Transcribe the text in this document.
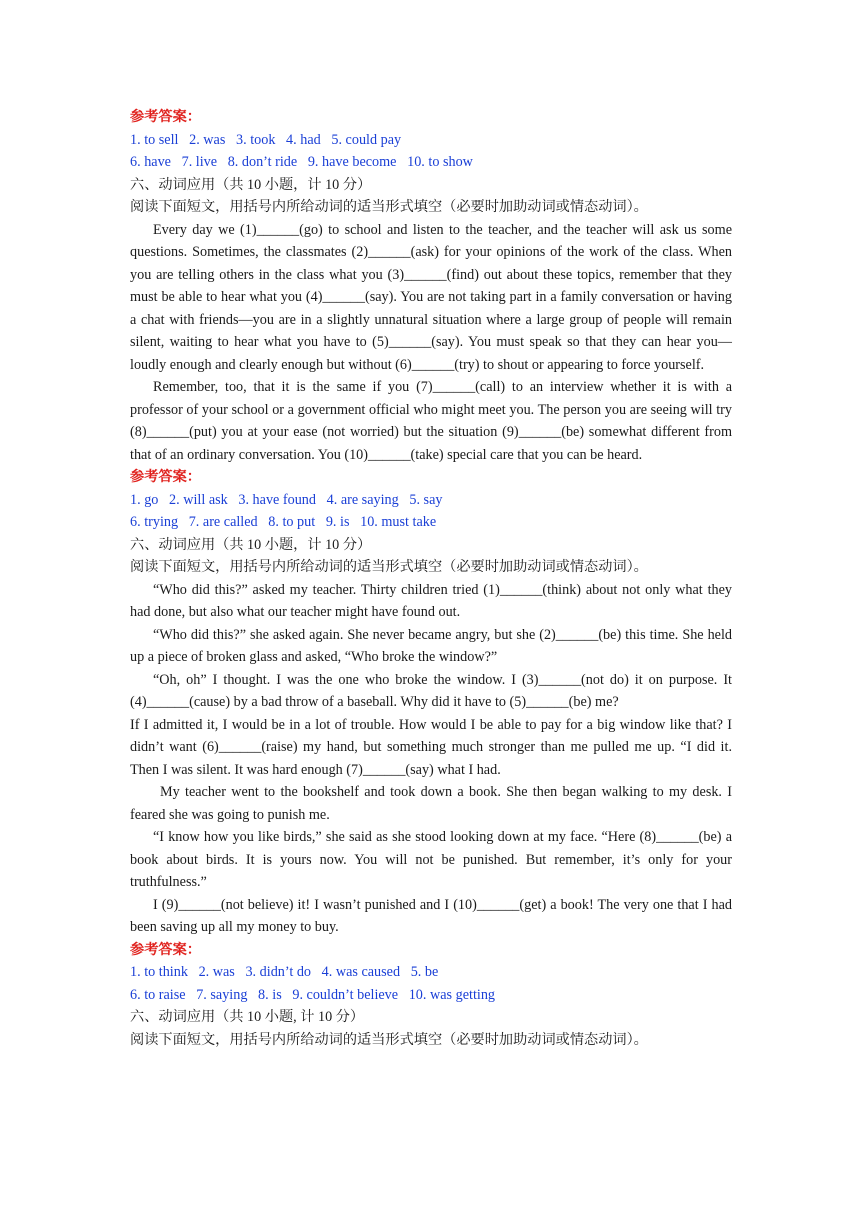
参考答案：
1. to sell   2. was   3. took   4. had   5. could pay
6. have   7. live   8. don’t ride   9. have become   10. to show
六、动词应用（共 10 小题，计 10 分）
阅读下面短文，用括号内所给动词的适当形式填空（必要时加助动词或情态动词）。
Every day we (1)______(go) to school and listen to the teacher, and the teacher will ask us some questions. Sometimes, the classmates (2)______(ask) for your opinions of the work of the class. When you are telling others in the class what you (3)______(find) out about these topics, remember that they must be able to hear what you (4)______(say). You are not taking part in a family conversation or having a chat with friends—you are in a slightly unnatural situation where a large group of people will remain silent, waiting to hear what you have to (5)______(say). You must speak so that they can hear you—loudly enough and clearly enough but without (6)______(try) to shout or appearing to force yourself.
Remember, too, that it is the same if you (7)______(call) to an interview whether it is with a professor of your school or a government official who might meet you. The person you are seeing will try (8)______(put) you at your ease (not worried) but the situation (9)______(be) somewhat different from that of an ordinary conversation. You (10)______(take) special care that you can be heard.
参考答案：
1. go   2. will ask   3. have found   4. are saying   5. say
6. trying   7. are called   8. to put   9. is   10. must take
六、动词应用（共 10 小题，计 10 分）
阅读下面短文，用括号内所给动词的适当形式填空（必要时加助动词或情态动词）。
“Who did this?” asked my teacher. Thirty children tried (1)______(think) about not only what they had done, but also what our teacher might have found out.
“Who did this?” she asked again. She never became angry, but she (2)______(be) this time. She held up a piece of broken glass and asked, “Who broke the window?”
“Oh, oh” I thought. I was the one who broke the window. I (3)______(not do) it on purpose. It (4)______(cause) by a bad throw of a baseball. Why did it have to (5)______(be) me?
If I admitted it, I would be in a lot of trouble. How would I be able to pay for a big window like that? I didn’t want (6)______(raise) my hand, but something much stronger than me pulled me up. “I did it. Then I was silent. It was hard enough (7)______(say) what I had.
My teacher went to the bookshelf and took down a book. She then began walking to my desk. I feared she was going to punish me.
“I know how you like birds,” she said as she stood looking down at my face. “Here (8)______(be) a book about birds. It is yours now. You will not be punished. But remember, it’s only for your truthfulness.”
I (9)______(not believe) it! I wasn’t punished and I (10)______(get) a book! The very one that I had been saving up all my money to buy.
参考答案：
1. to think   2. was   3. didn’t do   4. was caused   5. be
6. to raise   7. saying   8. is   9. couldn’t believe   10. was getting
六、动词应用（共 10 小题, 计 10 分）
阅读下面短文，用括号内所给动词的适当形式填空（必要时加助动词或情态动词）。
